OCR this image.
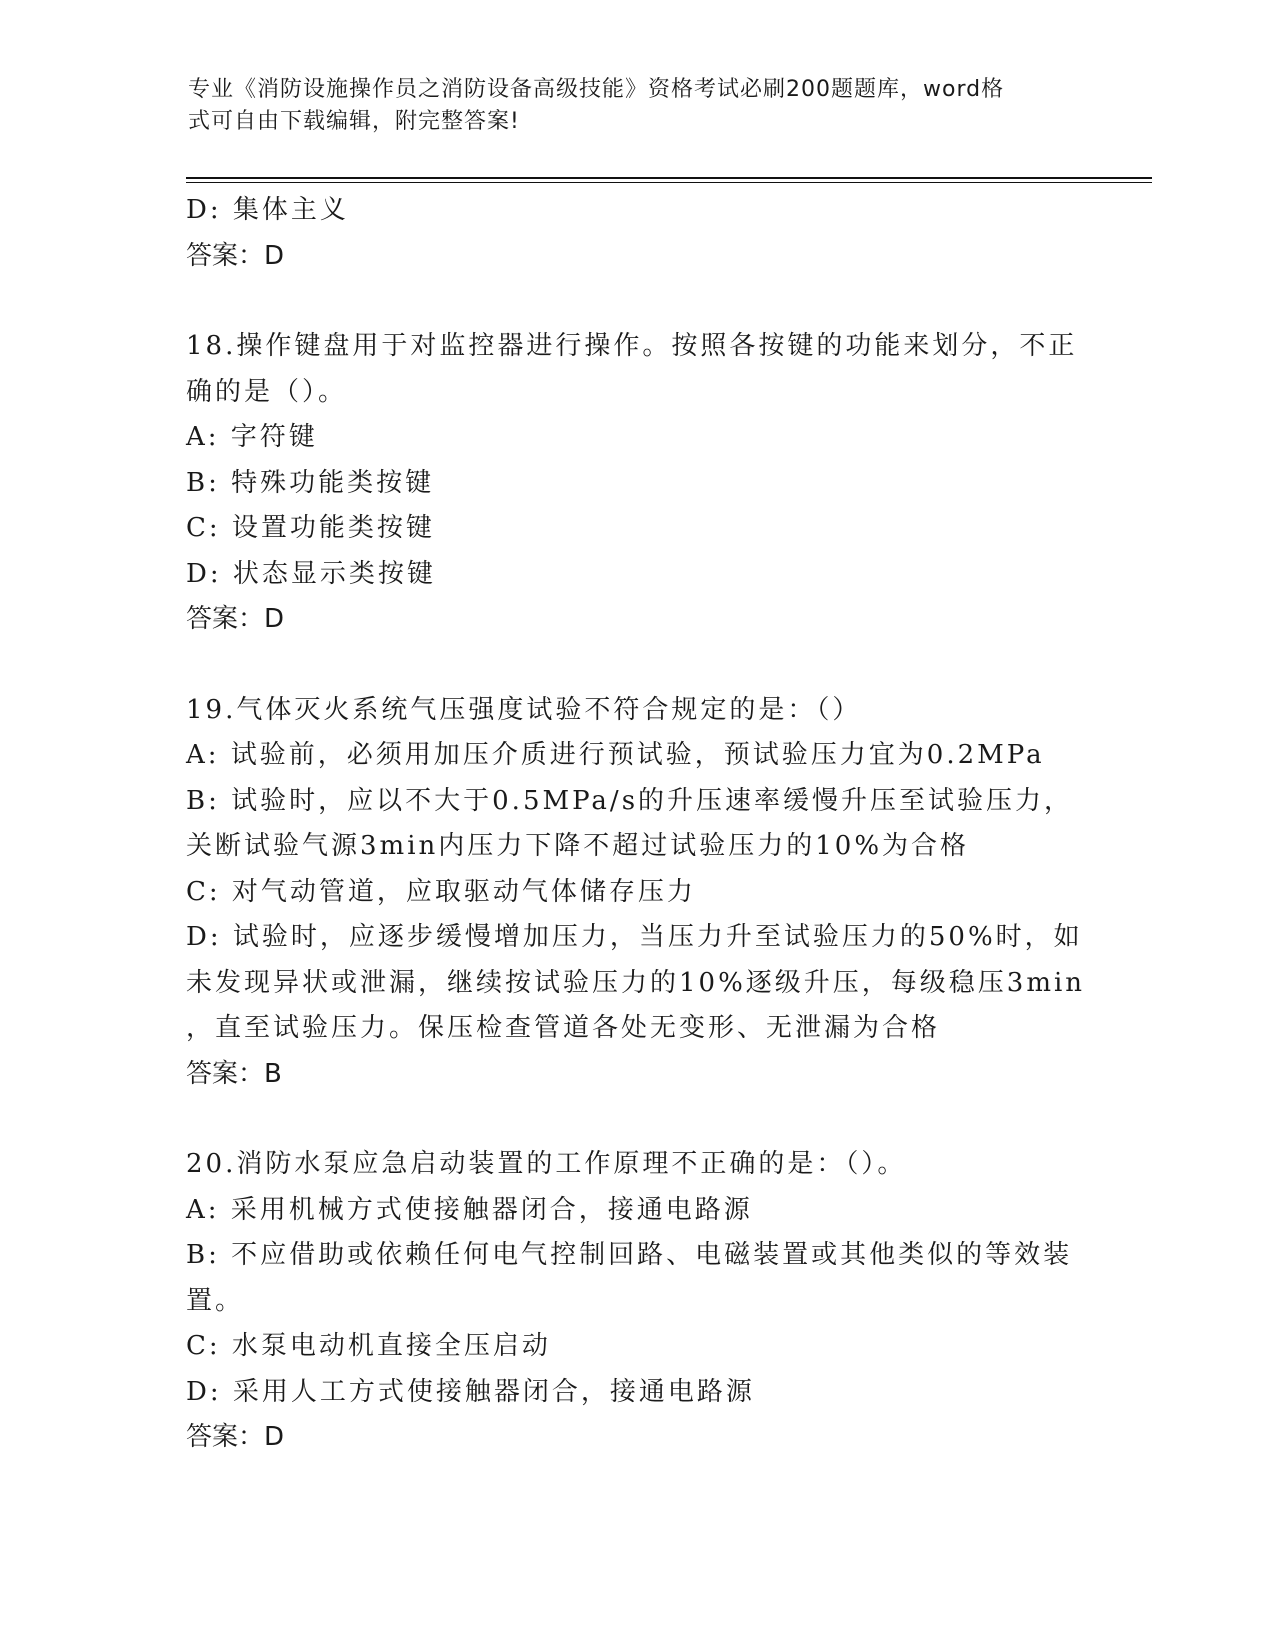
专业《消防设施操作员之消防设备高级技能》资格考试必刷200题题库，word格
式可自由下载编辑，附完整答案!
D: 集体主义
答案：D
18.操作键盘用于对监控器进行操作。按照各按键的功能来划分，不正
确的是（）。
A: 字符键
B: 特殊功能类按键
C: 设置功能类按键
D: 状态显示类按键
答案：D
19.气体灭火系统气压强度试验不符合规定的是：（）
A: 试验前，必须用加压介质进行预试验，预试验压力宜为0.2MPa
B: 试验时，应以不大于0.5MPa/s的升压速率缓慢升压至试验压力，
关断试验气源3min内压力下降不超过试验压力的10%为合格
C: 对气动管道，应取驱动气体储存压力
D: 试验时，应逐步缓慢增加压力，当压力升至试验压力的50%时，如
未发现异状或泄漏，继续按试验压力的10%逐级升压，每级稳压3min
，直至试验压力。保压检查管道各处无变形、无泄漏为合格
答案：B
20.消防水泵应急启动装置的工作原理不正确的是：（）。
A: 采用机械方式使接触器闭合，接通电路源
B: 不应借助或依赖任何电气控制回路、电磁装置或其他类似的等效装
置。
C: 水泵电动机直接全压启动
D: 采用人工方式使接触器闭合，接通电路源
答案：D
